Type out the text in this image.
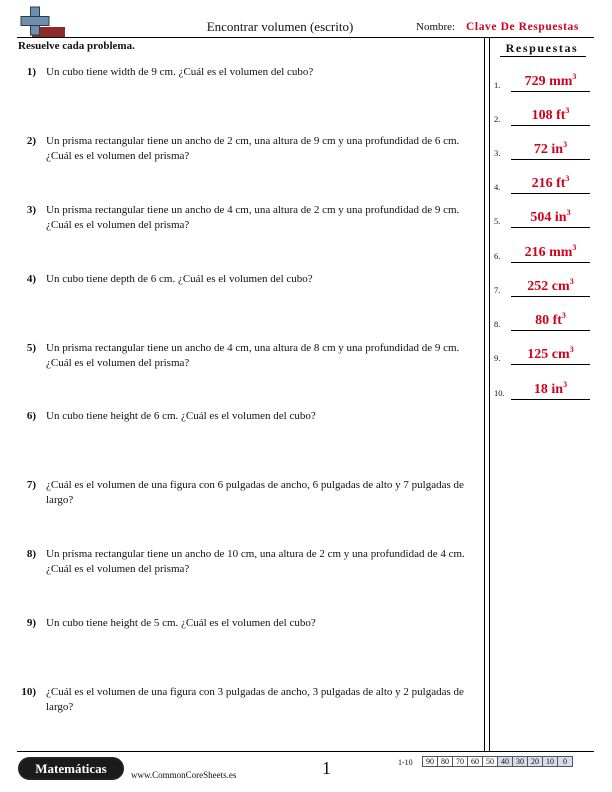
Encontrar volumen (escrito)	Nombre: Clave De Respuestas
Resuelve cada problema.
1) Un cubo tiene width de 9 cm. ¿Cuál es el volumen del cubo?
2) Un prisma rectangular tiene un ancho de 2 cm, una altura de 9 cm y una profundidad de 6 cm. ¿Cuál es el volumen del prisma?
3) Un prisma rectangular tiene un ancho de 4 cm, una altura de 2 cm y una profundidad de 9 cm. ¿Cuál es el volumen del prisma?
4) Un cubo tiene depth de 6 cm. ¿Cuál es el volumen del cubo?
5) Un prisma rectangular tiene un ancho de 4 cm, una altura de 8 cm y una profundidad de 9 cm. ¿Cuál es el volumen del prisma?
6) Un cubo tiene height de 6 cm. ¿Cuál es el volumen del cubo?
7) ¿Cuál es el volumen de una figura con 6 pulgadas de ancho, 6 pulgadas de alto y 7 pulgadas de largo?
8) Un prisma rectangular tiene un ancho de 10 cm, una altura de 2 cm y una profundidad de 4 cm. ¿Cuál es el volumen del prisma?
9) Un cubo tiene height de 5 cm. ¿Cuál es el volumen del cubo?
10) ¿Cuál es el volumen de una figura con 3 pulgadas de ancho, 3 pulgadas de alto y 2 pulgadas de largo?
Respuestas
1.	729 $mm^3$
2.	108 $ft^3$
3.	72 $in^3$
4.	216 $ft^3$
5.	504 $in^3$
6.	216 $mm^3$
7.	252 $cm^3$
8.	80 $ft^3$
9.	125 $cm^3$
10.	18 $in^3$
Matemáticas	www.CommonCoreSheets.es	1	1-10 90	80	70	60	50	40	30	20	10	0
